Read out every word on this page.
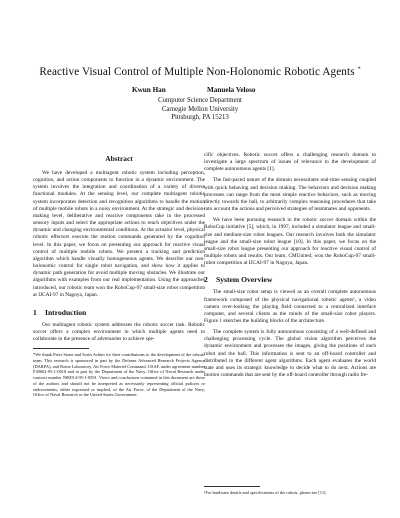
Reactive Visual Control of Multiple Non-Holonomic Robotic Agents *
Kwun Han	Manuela Veloso
Computer Science Department
Carnegie Mellon University
Pittsburgh, PA 15213
Abstract

We have developed a multiagent robotic system including perception, cognition, and action components to function in a dynamic environment. The system involves the integration and coordination of a variety of diverse functional modules. At the sensing level, our complete multiagent robotic system incorporates detection and recognition algorithms to handle the motion of multiple mobile robots in a noisy environment. At the strategic and decision-making level, deliberative and reactive components take in the processed sensory inputs and select the appropriate actions to reach objectives under the dynamic and changing environmental conditions. At the actuator level, physical robotic effectors execute the motion commands generated by the cognition level. In this paper, we focus on presenting our approach for reactive visual control of multiple mobile robots. We present a tracking and prediction algorithm which handle visually homogeneous agents. We describe our non-holonomic control for single robot navigation, and show how it applies to dynamic path generation for avoid multiple moving obstacles. We illustrate our algorithms with examples from our real implementation. Using the approaches introduced, our robotic team won the RoboCup-97 small-size robot competition at IJCAI-97 in Nagoya, Japan.

1 Introduction

Our multiagent robotic system addresses the robotic soccer task. Robotic soccer offers a complex environment in which multiple agents need to collaborate in the presence of adversaries to achieve spe-

*We thank Peter Stone and Sorin Achim for their contributions to the development of the robotic team. This research is sponsored in part by the Defense Advanced Research Projects Agency (DARPA), and Rome Laboratory, Air Force Materiel Command, USAF, under agreement number F30602-95-1-0018 and in part by the Department of the Navy, Office of Naval Research under contract number N00014-95-1-0591. Views and conclusions contained in this document are those of the authors and should not be interpreted as necessarily representing official policies or endorsements, either expressed or implied, of the Air Force, of the Department of the Navy, Office of Naval Research or the United States Government.

cific objectives. Robotic soccer offers a challenging research domain to investigate a large spectrum of issues of relevance to the development of complete autonomous agents [1].

The fast-paced nature of the domain necessitates real-time sensing coupled with quick behaving and decision making. The behaviors and decision making processes can range from the most simple reactive behaviors, such as moving directly towards the ball, to arbitrarily complex reasoning procedures that take into account the actions and perceived strategies of teammates and opponents.

We have been pursuing research in the robotic soccer domain within the RoboCup initiative [5], which, in 1997, included a simulator league and small-size and medium-size robot leagues. Our research involves both the simulator league and the small-size robot league [10]. In this paper, we focus on the small-size robot league presenting our approach for reactive visual control of multiple robots and results. Our team, CMUnited, won the RoboCup-97 small-robot competition at IJCAI-97 in Nagoya, Japan.

2 System Overview

The small-size robot setup is viewed as an overall complete autonomous framework composed of the physical navigational robotic agents¹, a video camera over-looking the playing field connected to a centralized interface computer, and several clients as the minds of the small-size robot players. Figure 1 sketches the building blocks of the architecture.

The complete system is fully autonomous consisting of a well-defined and challenging processing cycle. The global vision algorithm perceives the dynamic environment and processes the images, giving the positions of each robot and the ball. This information is sent to an off-board controller and distributed to the different agent algorithms. Each agent evaluates the world state and uses its strategic knowledge to decide what to do next. Actions are motion commands that are sent by the off-board controller through radio fre-

¹For hardware details and specifications of the robots, please see [11].
